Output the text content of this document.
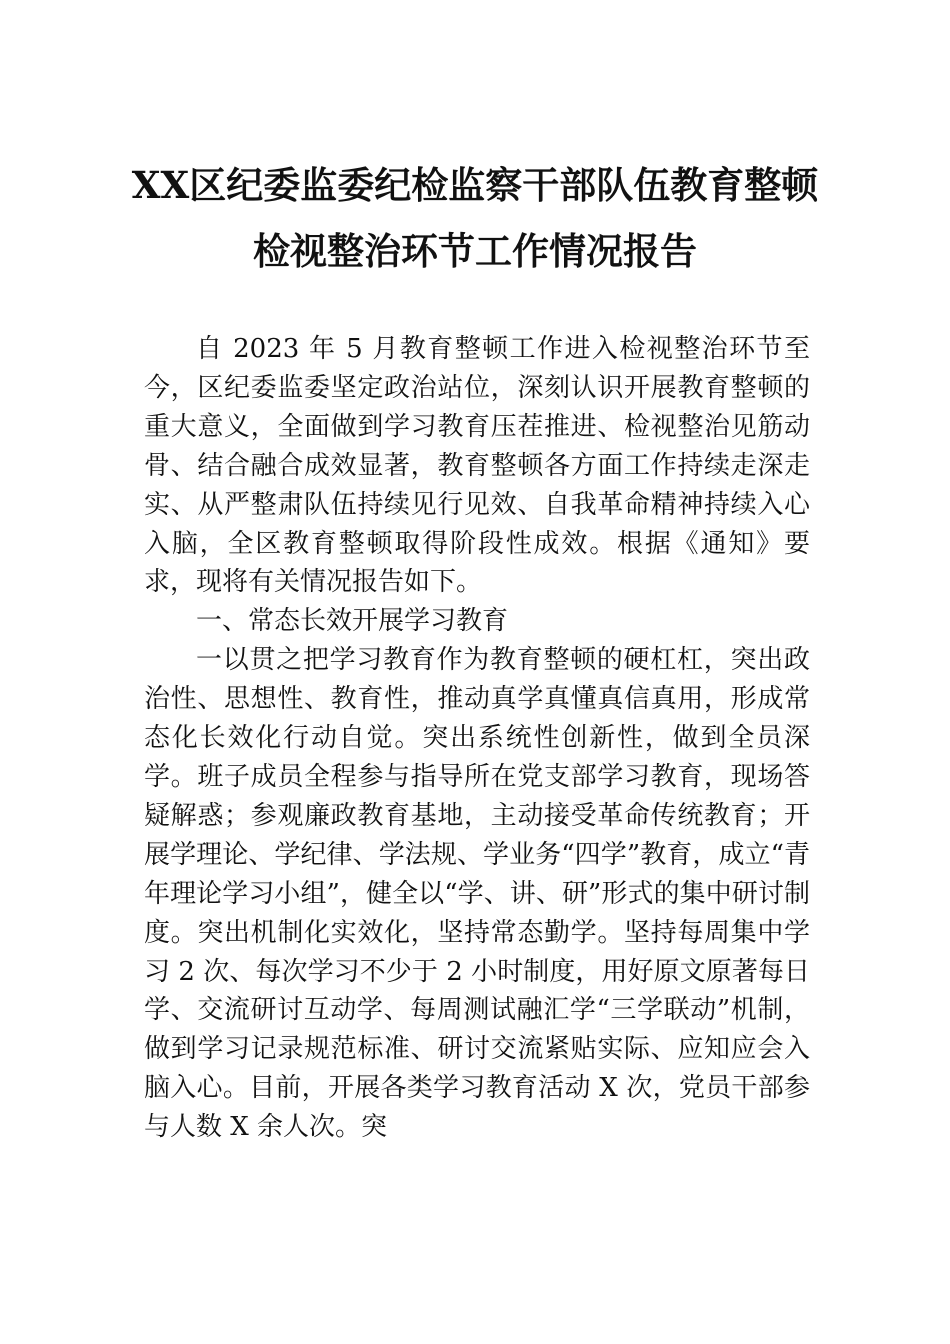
XX区纪委监委纪检监察干部队伍教育整顿
检视整治环节工作情况报告

自 2023 年 5 月教育整顿工作进入检视整治环节至今，区纪委监委坚定政治站位，深刻认识开展教育整顿的重大意义，全面做到学习教育压茬推进、检视整治见筋动骨、结合融合成效显著，教育整顿各方面工作持续走深走实、从严整肃队伍持续见行见效、自我革命精神持续入心入脑，全区教育整顿取得阶段性成效。根据《通知》要求，现将有关情况报告如下。

一、常态长效开展学习教育

一以贯之把学习教育作为教育整顿的硬杠杠，突出政治性、思想性、教育性，推动真学真懂真信真用，形成常态化长效化行动自觉。突出系统性创新性，做到全员深学。班子成员全程参与指导所在党支部学习教育，现场答疑解惑；参观廉政教育基地，主动接受革命传统教育；开展学理论、学纪律、学法规、学业务“四学”教育，成立“青年理论学习小组”，健全以“学、讲、研”形式的集中研讨制度。突出机制化实效化，坚持常态勤学。坚持每周集中学习 2 次、每次学习不少于 2 小时制度，用好原文原著每日学、交流研讨互动学、每周测试融汇学“三学联动”机制，做到学习记录规范标准、研讨交流紧贴实际、应知应会入脑入心。目前，开展各类学习教育活动 X 次，党员干部参与人数 X 余人次。突
